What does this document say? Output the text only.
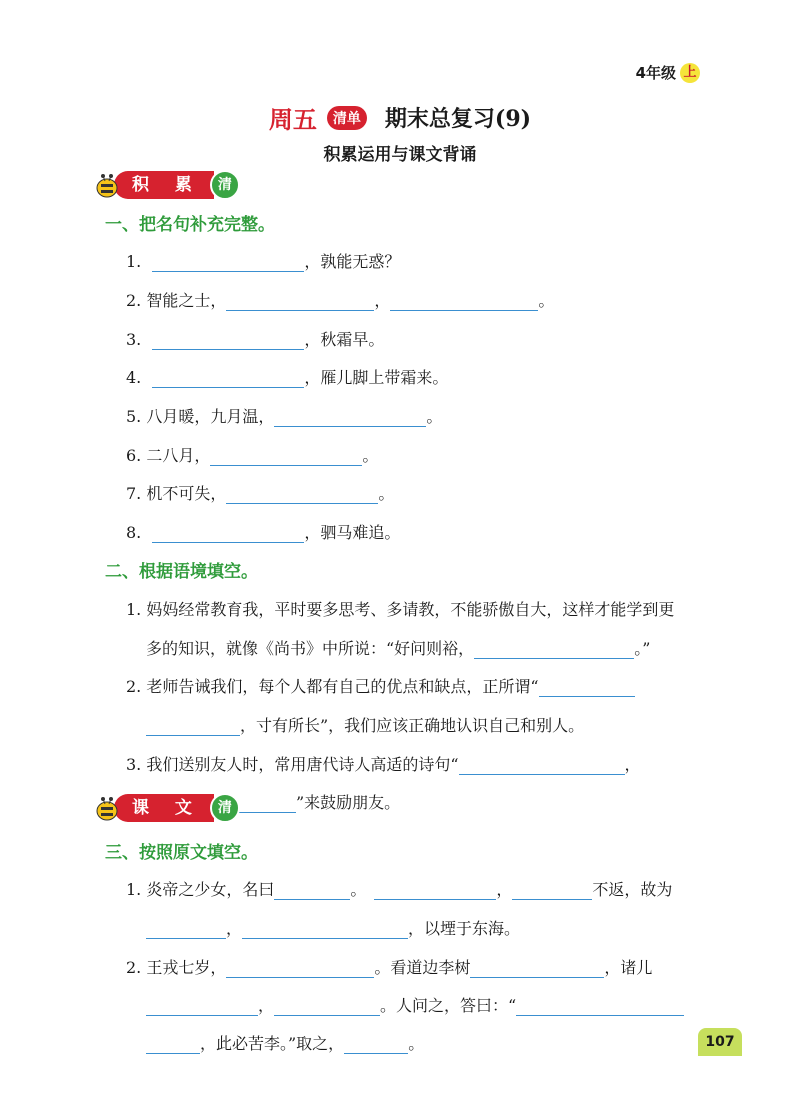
4年级 上
周五	清单 期末总复习(9)
积累运用与课文背诵
积 累	清
一、把名句补充完整。
1.	，孰能无惑？
2. 智能之士，	，	。
3.	，秋霜早。
4.	，雁儿脚上带霜来。
5. 八月暖，九月温，	。
6. 二八月，	。
7. 机不可失，	。
8.	，驷马难追。
二、根据语境填空。
1. 妈妈经常教育我，平时要多思考、多请教，不能骄傲自大，这样才能学到更
多的知识，就像《尚书》中所说：“好问则裕，	。”
2. 老师告诫我们，每个人都有自己的优点和缺点，正所谓“
，寸有所长”，我们应该正确地认识自己和别人。
3. 我们送别友人时，常用唐代诗人高适的诗句“	，
”来鼓励朋友。
课 文	清
三、按照原文填空。
1. 炎帝之少女，名曰	。	，	不返，故为
，	，以堙于东海。
2. 王戎七岁，	。看道边李树	，诸儿
，	。人问之，答曰：“
，此必苦李。”取之，	。	107
